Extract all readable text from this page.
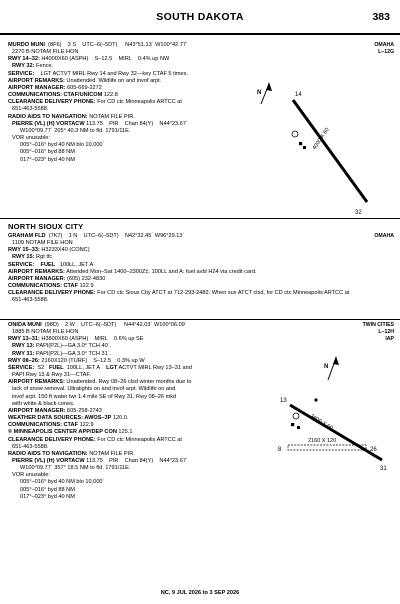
SOUTH DAKOTA	383
OMAHA
L–12G
MURDO MUNI  (8F6)    3 S    UTC–6(–5DT)     N43°51.13´ W100°42.77´
2270 B NOTAM FILE HON
RWY 14–32: H4000X60 (ASPH)    S–12.5    MIRL    0.4% up NW
RWY 32: Fence.
SERVICE:    LGT ACTVT MIRL Rwy 14 and Rwy 32—key CTAF 5 times.
AIRPORT REMARKS: Unattended. Wildlife on and invof arpt.
AIRPORT MANAGER: 605-669-2272
COMMUNICATIONS: CTAF/UNICOM 122.8
CLEARANCE DELIVERY PHONE: For CD ctc Minneapolis ARTCC at
651-463-5588.
RADIO AIDS TO NAVIGATION: NOTAM FILE PIR.
PIERRE (VL) (H) VORTACW 113.75    PIR    Chan 84(Y)    N44°23.67´
W100°09.77´ 205° 40.3 NM to fld. 1791/11E.
VOR unusable:
005°–016° byd 40 NM blo 10,000´
005°–016° byd 88 NM
017°–023° byd 40 NM
N	14
32
4000 X 60
NORTH SIOUX CITY
OMAHA
GRAHAM FLD  (7K7)    1 N    UTC–6(–5DT)    N42°32.45´ W96°29.13´
1109 NOTAM FILE HON
RWY 15–33: H3233X40 (CONC)
RWY 15: Rgt tfc.
SERVICE:    FUEL   100LL, JET A
AIRPORT REMARKS: Attended Mon–Sat 1400–2300Z‡. 100LL and A: fuel avbl H24 via credit card.
AIRPORT MANAGER: (605) 232-4830
COMMUNICATIONS: CTAF 122.9
CLEARANCE DELIVERY PHONE: For CD ctc Sioux City ATCT at 712-293-2482. When sux ATCT clsd, for CD ctc Minneapolis ARTCC at
651-463-5588.
TWIN CITIES
L–12H
IAP
ONIDA MUNI  (98D)    2 W    UTC–6(–5DT)     N44°42.03´ W100°06.09´
1885 B NOTAM FILE HON
RWY 13–31: H3800X60 (ASPH)    MIRL    0.6% up SE
RWY 13: PAPI(P2L)—GA 3.0° TCH 40´.
RWY 31: PAPI(P2L)—GA 3.0° TCH 31´.
RWY 08–26: 2160X120 (TURF)    S–12.5    0.3% up W
SERVICE:  S2   FUEL  100LL, JET A    LGT ACTVT MIRL Rwy 13–31 and
PAPI Rwy 13 & Rwy 31—CTAF.
AIRPORT REMARKS: Unattended. Rwy 08–26 clsd winter months due to
lack of snow removal. Ultralights on and invof arpt. Wildlife on and
invof arpt. 150 ft water twr 1.4 mile SE of Rwy 31. Rwy 08–26 mkd
with white & black cones.
AIRPORT MANAGER: 605-258-2743
WEATHER DATA SOURCES: AWOS–3P 120.0.
COMMUNICATIONS: CTAF 122.9
® MINNEAPOLIS CENTER APP/DEP CON 125.1
CLEARANCE DELIVERY PHONE: For CD ctc Minneapolis ARTCC at
651-463-5588.
RADIO AIDS TO NAVIGATION: NOTAM FILE PIR.
PIERRE (VL) (H) VORTACW 113.75    PIR    Chan 84(Y)    N44°23.67´
W100°09.77´ 357° 18.5 NM to fld. 1791/11E.
VOR unusable:
005°–016° byd 40 NM blo 10,000´
005°–016° byd 88 NM
017°–023° byd 40 NM
N
13
31
3800 X 60
8	26
2160 X 120
NC, 9 JUL 2026 to 3 SEP 2026
